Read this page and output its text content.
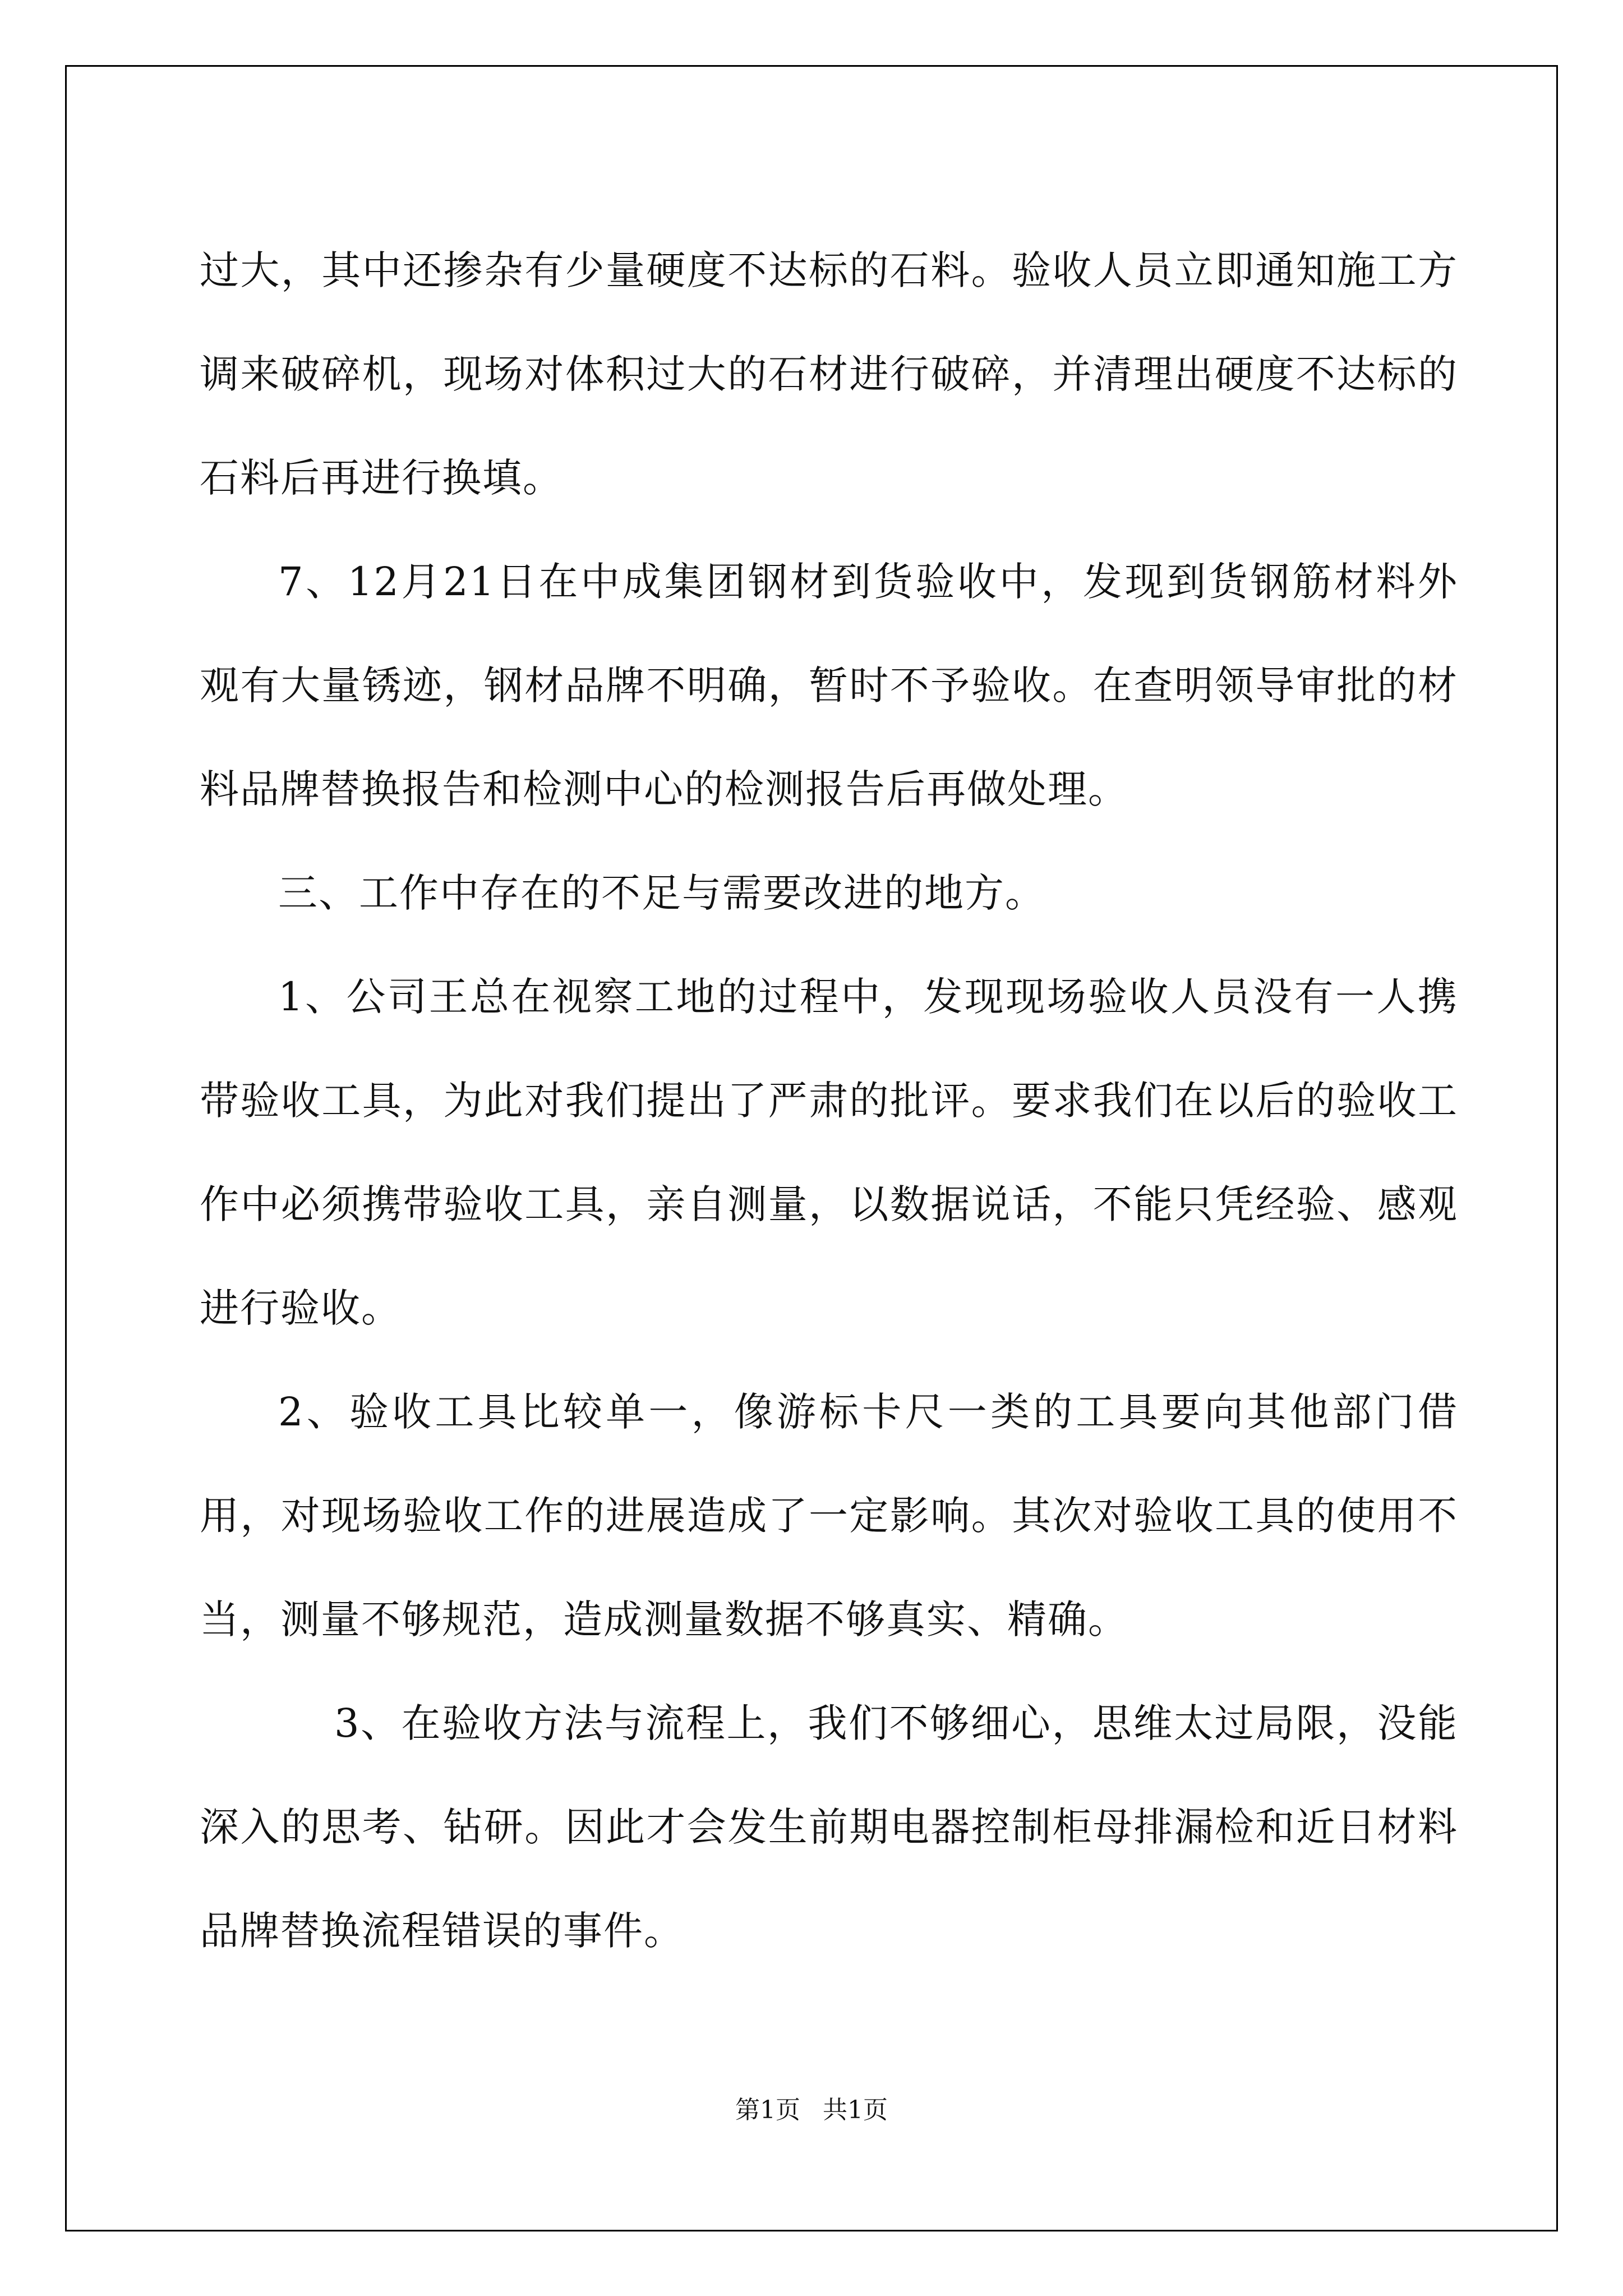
过大，其中还掺杂有少量硬度不达标的石料。验收人员立即通知施工方调来破碎机，现场对体积过大的石材进行破碎，并清理出硬度不达标的石料后再进行换填。

7、12月21日在中成集团钢材到货验收中，发现到货钢筋材料外观有大量锈迹，钢材品牌不明确，暂时不予验收。在查明领导审批的材料品牌替换报告和检测中心的检测报告后再做处理。

三、工作中存在的不足与需要改进的地方。

1、公司王总在视察工地的过程中，发现现场验收人员没有一人携带验收工具，为此对我们提出了严肃的批评。要求我们在以后的验收工作中必须携带验收工具，亲自测量，以数据说话，不能只凭经验、感观进行验收。

2、验收工具比较单一，像游标卡尺一类的工具要向其他部门借用，对现场验收工作的进展造成了一定影响。其次对验收工具的使用不当，测量不够规范，造成测量数据不够真实、精确。

3、在验收方法与流程上，我们不够细心，思维太过局限，没能深入的思考、钻研。因此才会发生前期电器控制柜母排漏检和近日材料品牌替换流程错误的事件。

第1页 共1页
